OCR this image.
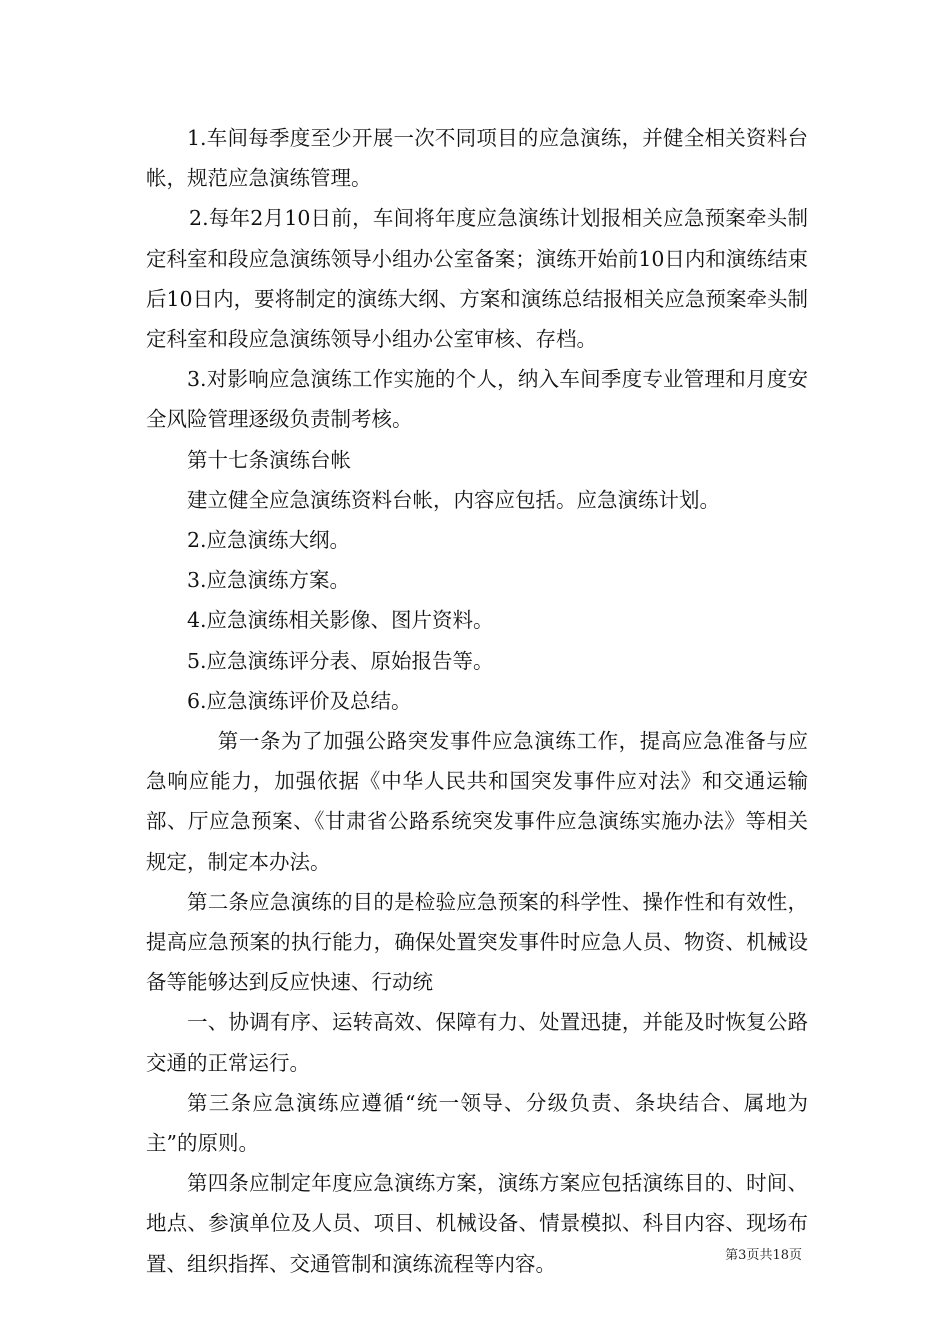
1.车间每季度至少开展一次不同项目的应急演练，并健全相关资料台帐，规范应急演练管理。

2.每年2月10日前，车间将年度应急演练计划报相关应急预案牵头制定科室和段应急演练领导小组办公室备案；演练开始前10日内和演练结束后10日内，要将制定的演练大纲、方案和演练总结报相关应急预案牵头制定科室和段应急演练领导小组办公室审核、存档。

3.对影响应急演练工作实施的个人，纳入车间季度专业管理和月度安全风险管理逐级负责制考核。

第十七条演练台帐

建立健全应急演练资料台帐，内容应包括。应急演练计划。

2.应急演练大纲。

3.应急演练方案。

4.应急演练相关影像、图片资料。

5.应急演练评分表、原始报告等。

6.应急演练评价及总结。

第一条为了加强公路突发事件应急演练工作，提高应急准备与应急响应能力，加强依据《中华人民共和国突发事件应对法》和交通运输部、厅应急预案、《甘肃省公路系统突发事件应急演练实施办法》等相关规定，制定本办法。

第二条应急演练的目的是检验应急预案的科学性、操作性和有效性，提高应急预案的执行能力，确保处置突发事件时应急人员、物资、机械设备等能够达到反应快速、行动统

一、协调有序、运转高效、保障有力、处置迅捷，并能及时恢复公路交通的正常运行。

第三条应急演练应遵循“统一领导、分级负责、条块结合、属地为主”的原则。

第四条应制定年度应急演练方案，演练方案应包括演练目的、时间、地点、参演单位及人员、项目、机械设备、情景模拟、科目内容、现场布置、组织指挥、交通管制和演练流程等内容。	第3页共18页
